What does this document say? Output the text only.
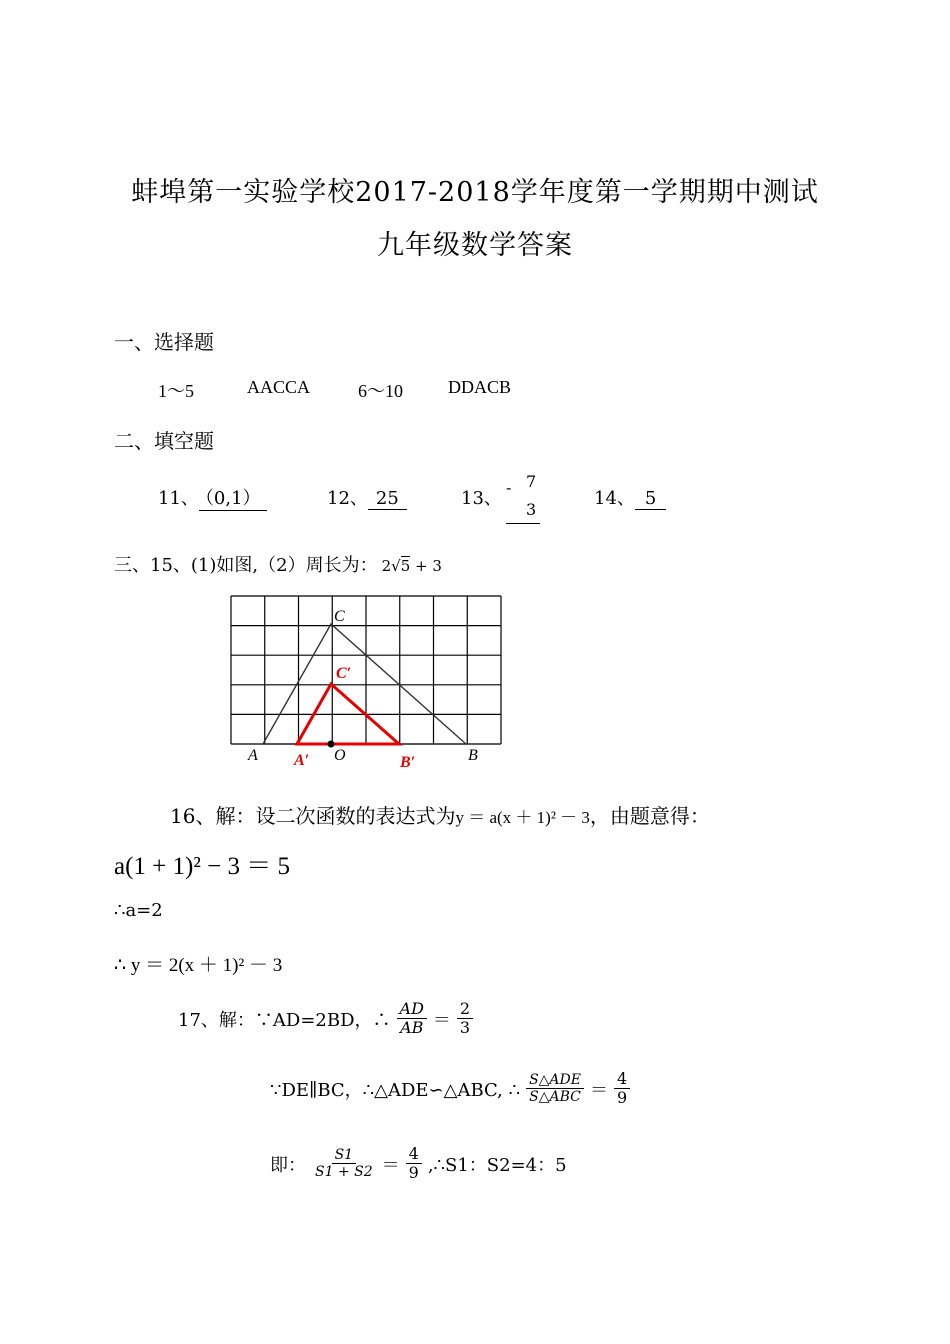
蚌埠第一实验学校2017-2018学年度第一学期期中测试
九年级数学答案
一、选择题
1～5	AACCA	6～10	DDACB
二、填空题
11、 （0,1）	12、 25	13、
- 7
3
14、 5
三、15、(1)如图,（2）周长为： 2√5 + 3
C
C′
A A′ O	B′	B
16、解：设二次函数的表达式为y ＝ a(x ＋ 1)² － 3，由题意得：
a(1 + 1)² − 3 ＝ 5
∴a=2
∴ y ＝ 2(x ＋ 1)² － 3
17、解：∵AD=2BD，∴ $\frac{AD}{AB} = \frac{2}{3}$
∵DE∥BC，∴△ADE∽△ABC, ∴ $\frac{\text{S△ADE}}{\text{S△ABC}} = \frac{4}{9}$
即： $\frac{S1}{S1 + S2} = \frac{4}{9}$ ,∴S1：S2=4：5
